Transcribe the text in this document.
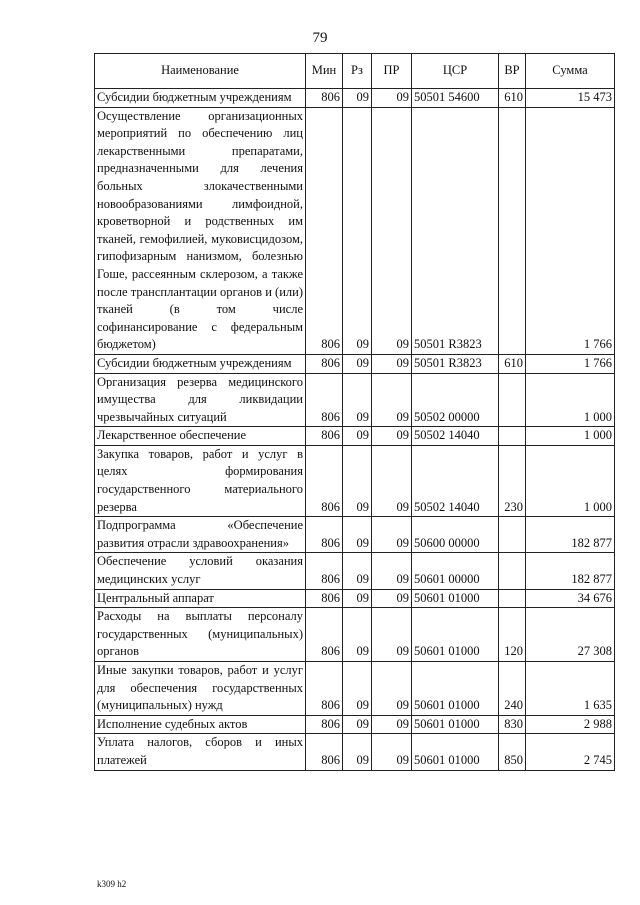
79
Наименование	Мин	Рз	ПР	ЦСР	ВР	Сумма
Субсидии бюджетным учреждениям	806	09	09	50501 54600	610	15 473
Осуществление организационных мероприятий по обеспечению лиц лекарственными препаратами, предназначенными для лечения больных злокачественными новообразованиями лимфоидной, кроветворной и родственных им тканей, гемофилией, муковисцидозом, гипофизарным нанизмом, болезнью Гоше, рассеянным склерозом, а также после трансплантации органов и (или) тканей (в том числе софинансирование с федеральным бюджетом)	806	09	09	50501 R3823		1 766
Субсидии бюджетным учреждениям	806	09	09	50501 R3823	610	1 766
Организация резерва медицинского имущества для ликвидации чрезвычайных ситуаций	806	09	09	50502 00000		1 000
Лекарственное обеспечение	806	09	09	50502 14040		1 000
Закупка товаров, работ и услуг в целях формирования государственного материального резерва	806	09	09	50502 14040	230	1 000
Подпрограмма «Обеспечение развития отрасли здравоохранения»	806	09	09	50600 00000		182 877
Обеспечение условий оказания медицинских услуг	806	09	09	50601 00000		182 877
Центральный аппарат	806	09	09	50601 01000		34 676
Расходы на выплаты персоналу государственных (муниципальных) органов	806	09	09	50601 01000	120	27 308
Иные закупки товаров, работ и услуг для обеспечения государственных (муниципальных) нужд	806	09	09	50601 01000	240	1 635
Исполнение судебных актов	806	09	09	50601 01000	830	2 988
Уплата налогов, сборов и иных платежей	806	09	09	50601 01000	850	2 745
k309 h2
